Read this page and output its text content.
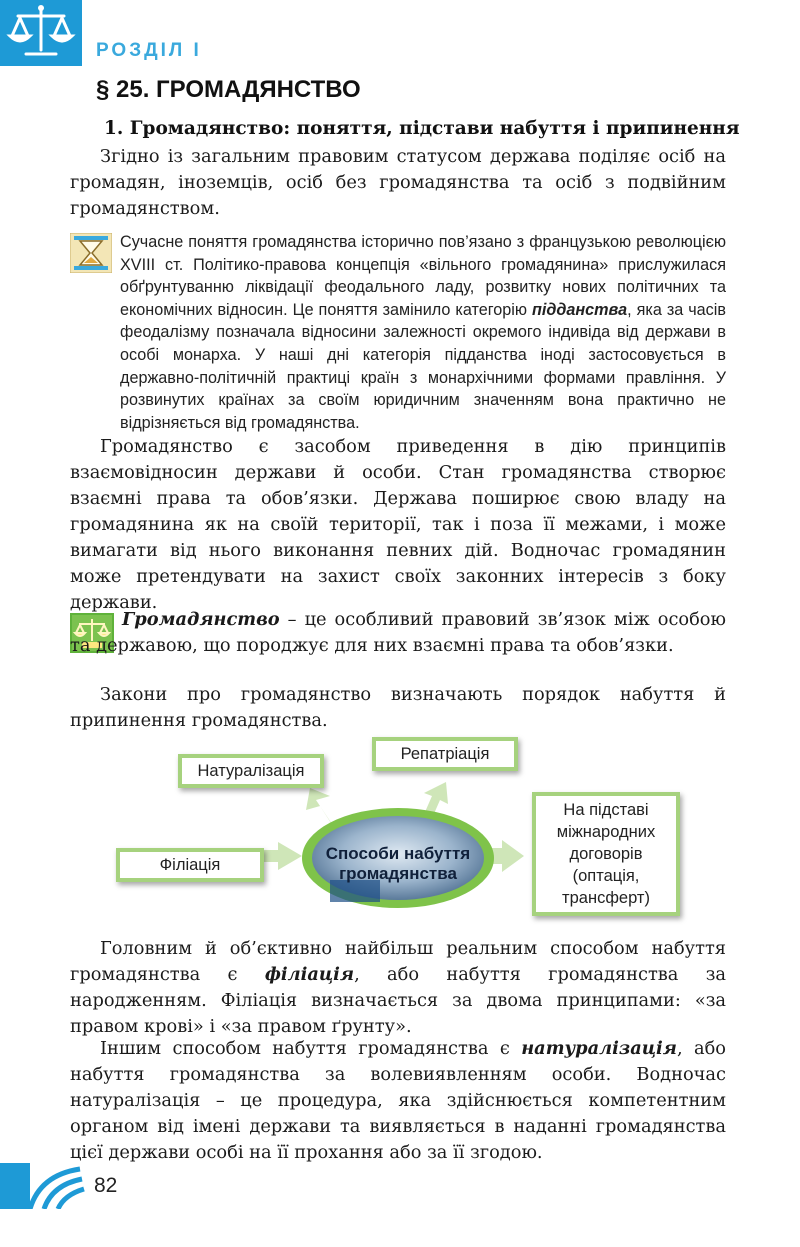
РОЗДІЛ І
§ 25. ГРОМАДЯНСТВО
1. Громадянство: поняття, підстави набуття і припинення

Згідно із загальним правовим статусом держава поділяє осіб на громадян, іноземців, осіб без громадянства та осіб з подвійним громадянством.

Сучасне поняття громадянства історично пов’язано з французькою революцією XVIII ст. Політико-правова концепція «вільного громадянина» прислужилася обґрунтуванню ліквідації феодального ладу, розвитку нових політичних та економічних відносин. Це поняття замінило категорію підданства, яка за часів феодалізму позначала відносини залежності окремого індивіда від держави в особі монарха. У наші дні категорія підданства іноді застосовується в державно-політичній практиці країн з монархічними формами правління. У розвинутих країнах за своїм юридичним значенням вона практично не відрізняється від громадянства.

Громадянство є засобом приведення в дію принципів взаємовідносин держави й особи. Стан громадянства створює взаємні права та обов’язки. Держава поширює свою владу на громадянина як на своїй території, так і поза її межами, і може вимагати від нього виконання певних дій. Водночас громадянин може претендувати на захист своїх законних інтересів з боку держави.

Громадянство – це особливий правовий зв’язок між особою та державою, що породжує для них взаємні права та обов’язки.

Закони про громадянство визначають порядок набуття й припинення громадянства.

Способи набуття громадянства
Натуралізація
Репатріація
Філіація
На підставі міжнародних договорів (оптація, трансферт)

Головним й об’єктивно найбільш реальним способом набуття громадянства є філіація, або набуття громадянства за народженням. Філіація визначається за двома принципами: «за правом крові» і «за правом ґрунту».

Іншим способом набуття громадянства є натуралізація, або набуття громадянства за волевиявленням особи. Водночас натуралізація – це процедура, яка здійснюється компетентним органом від імені держави та виявляється в наданні громадянства цієї держави особі на її прохання або за її згодою.

82
